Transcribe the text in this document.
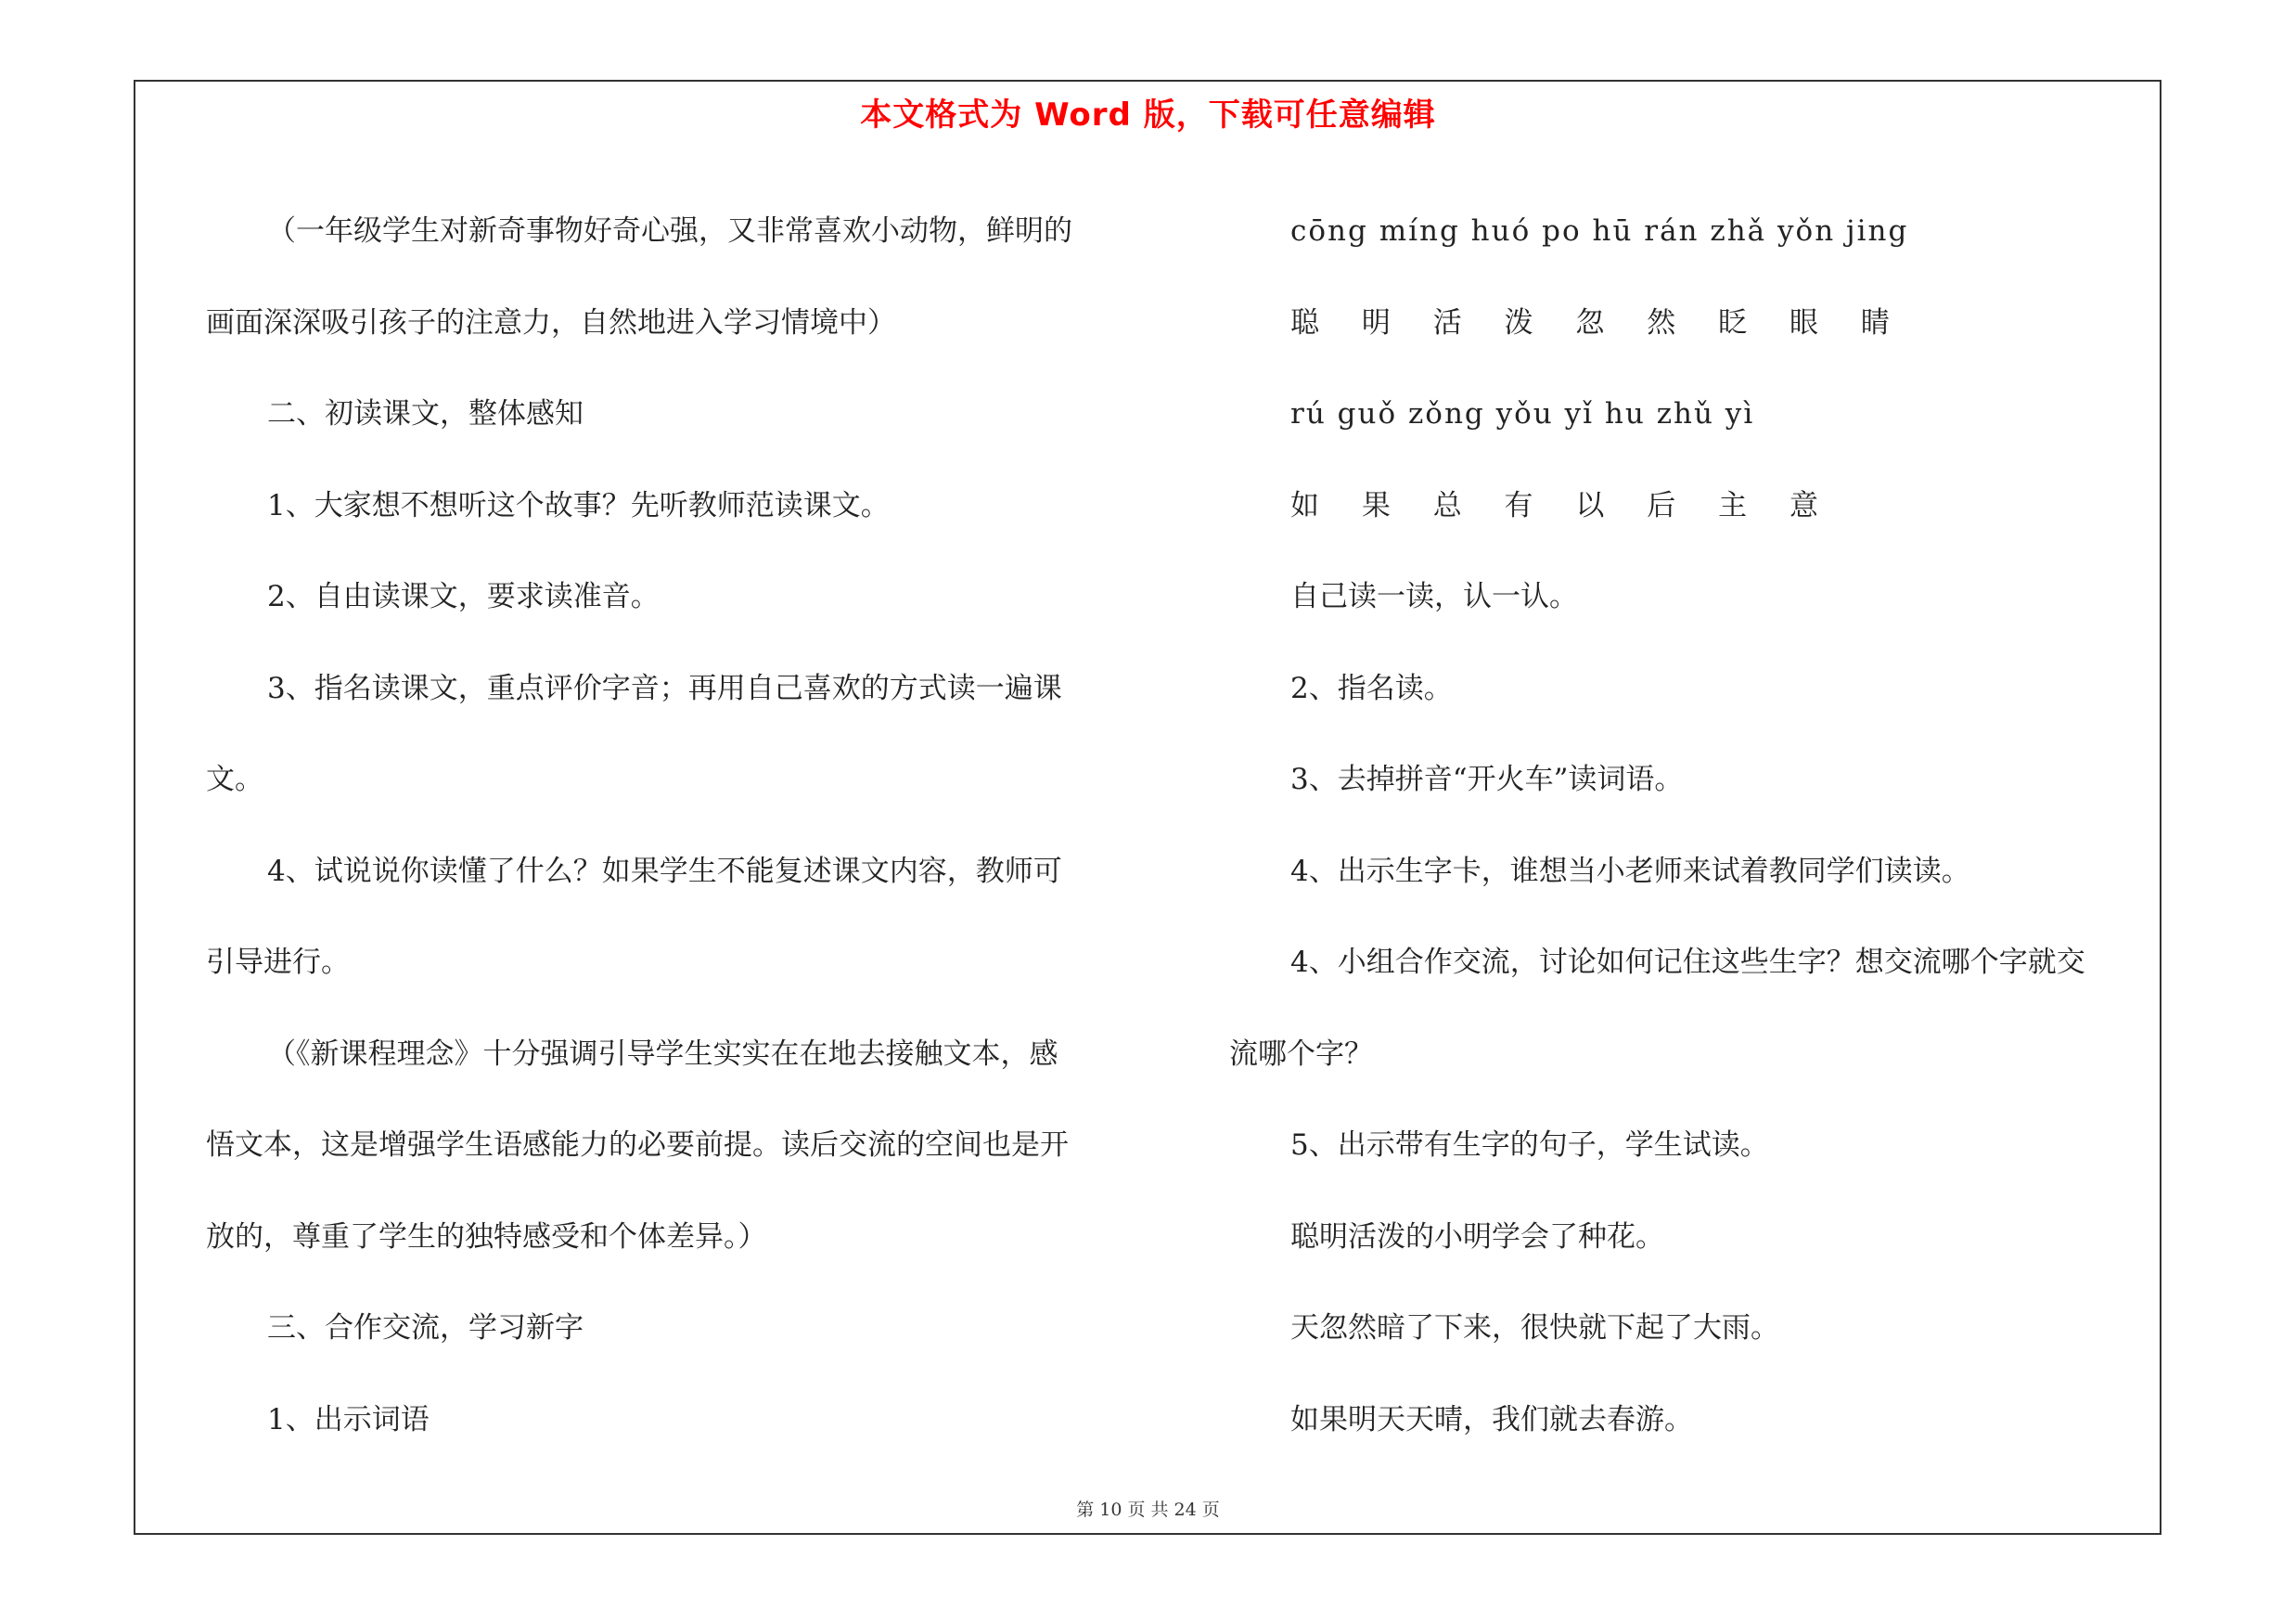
本文格式为 Word 版，下载可任意编辑
（一年级学生对新奇事物好奇心强，又非常喜欢小动物，鲜明的
画面深深吸引孩子的注意力，自然地进入学习情境中）
二、初读课文，整体感知
1、大家想不想听这个故事？先听教师范读课文。
2、自由读课文，要求读准音。
3、指名读课文，重点评价字音；再用自己喜欢的方式读一遍课
文。
4、试说说你读懂了什么？如果学生不能复述课文内容，教师可
引导进行。
（《新课程理念》十分强调引导学生实实在在地去接触文本，感
悟文本，这是增强学生语感能力的必要前提。读后交流的空间也是开
放的，尊重了学生的独特感受和个体差异。）
三、合作交流，学习新字
1、出示词语
cōng míng huó po hū rán zhǎ yǒn jing
聪 明 活 泼 忽 然 眨 眼 睛
rú guǒ zǒng yǒu yǐ hu zhǔ yì
如 果 总 有 以 后 主 意
自己读一读，认一认。
2、指名读。
3、去掉拼音“开火车”读词语。
4、出示生字卡，谁想当小老师来试着教同学们读读。
4、小组合作交流，讨论如何记住这些生字？想交流哪个字就交
流哪个字？
5、出示带有生字的句子，学生试读。
聪明活泼的小明学会了种花。
天忽然暗了下来，很快就下起了大雨。
如果明天天晴，我们就去春游。
第 10 页 共 24 页
